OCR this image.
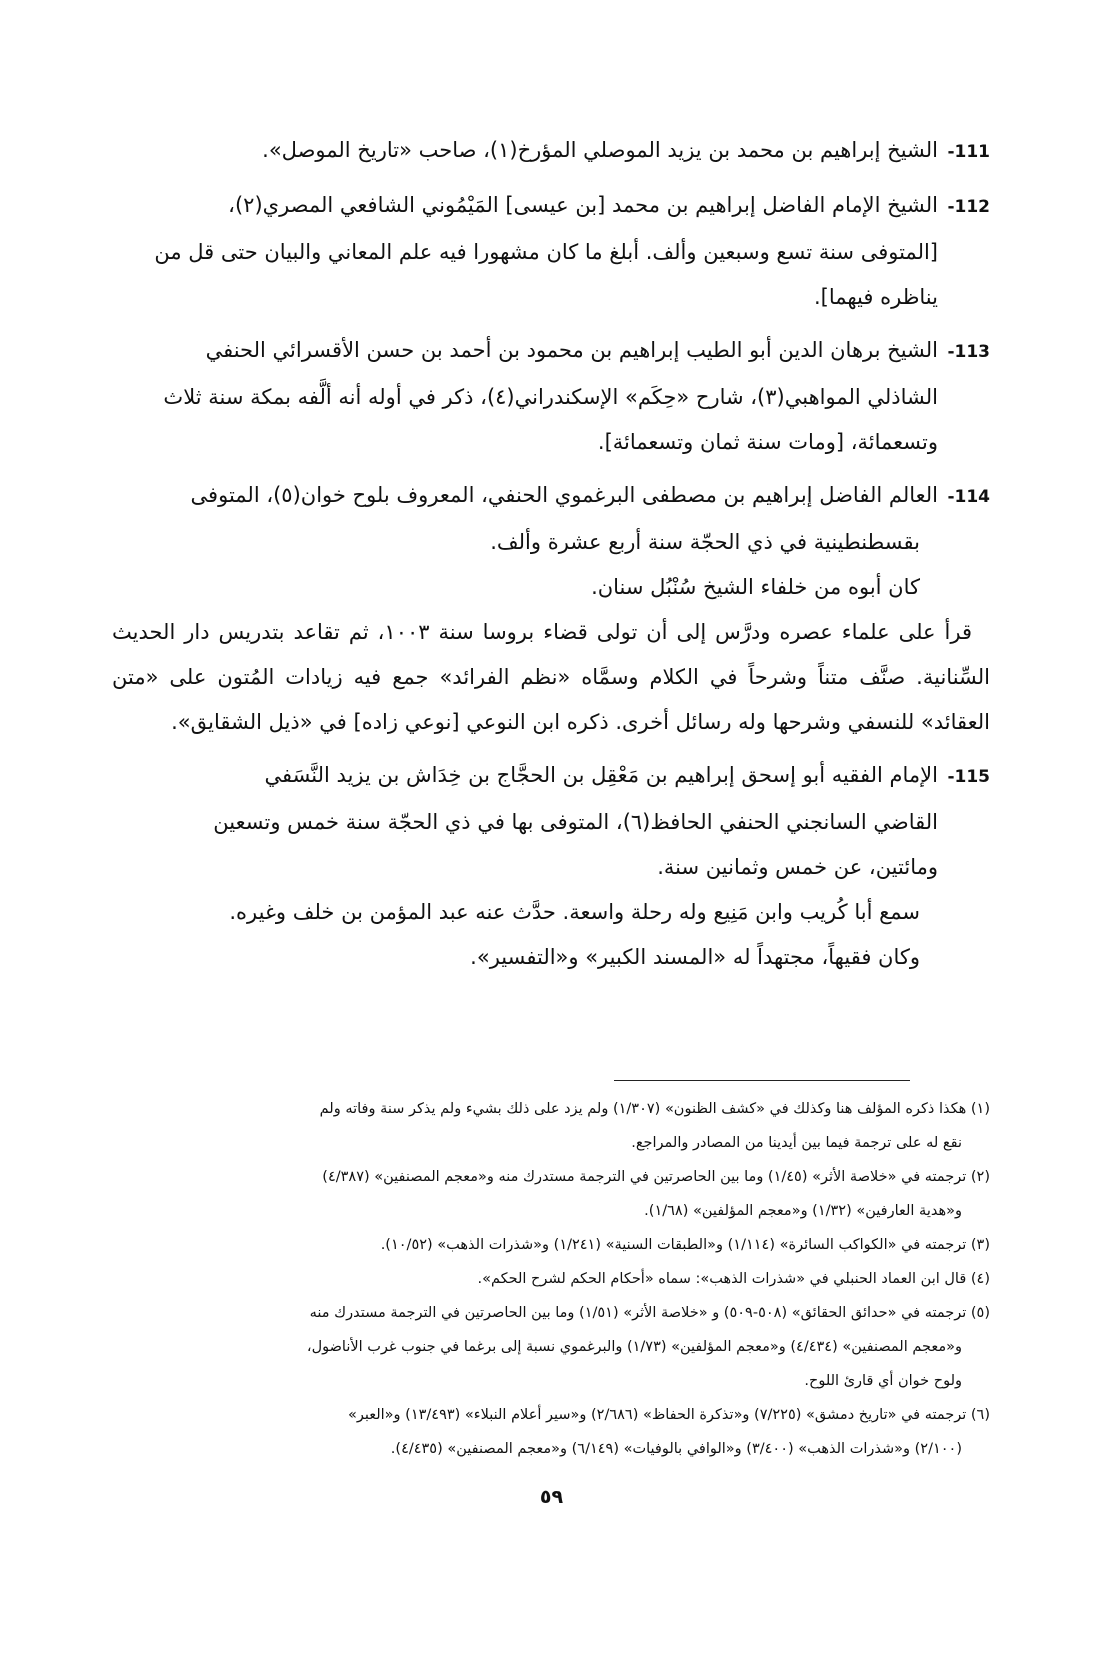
-111الشيخ إبراهيم بن محمد بن يزيد الموصلي المؤرخ(١)، صاحب «تاريخ الموصل».

-112الشيخ الإمام الفاضل إبراهيم بن محمد [بن عيسى] المَيْمُوني الشافعي المصري(٢)،

[المتوفى سنة تسع وسبعين وألف. أبلغ ما كان مشهورا فيه علم المعاني والبيان حتى قل من

يناظره فيهما].

-113الشيخ برهان الدين أبو الطيب إبراهيم بن محمود بن أحمد بن حسن الأقسرائي الحنفي

الشاذلي المواهبي(٣)، شارح «حِكَم» الإسكندراني(٤)، ذكر في أوله أنه ألَّفه بمكة سنة ثلاث

وتسعمائة، [ومات سنة ثمان وتسعمائة].

-114العالم الفاضل إبراهيم بن مصطفى البرغموي الحنفي، المعروف بلوح خوان(٥)، المتوفى

بقسطنطينية في ذي الحجّة سنة أربع عشرة وألف.

كان أبوه من خلفاء الشيخ سُنْبُل سنان.

قرأ على علماء عصره ودرَّس إلى أن تولى قضاء بروسا سنة ١٠٠٣، ثم تقاعد بتدريس دار الحديث السِّنانية. صنَّف متناً وشرحاً في الكلام وسمَّاه «نظم الفرائد» جمع فيه زيادات المُتون على «متن العقائد» للنسفي وشرحها وله رسائل أخرى. ذكره ابن النوعي [نوعي زاده] في «ذيل الشقايق».

-115الإمام الفقيه أبو إسحق إبراهيم بن مَعْقِل بن الحجَّاج بن خِدَاش بن يزيد النَّسَفي

القاضي السانجني الحنفي الحافظ(٦)، المتوفى بها في ذي الحجّة سنة خمس وتسعين

ومائتين، عن خمس وثمانين سنة.

سمع أبا كُريب وابن مَنِيع وله رحلة واسعة. حدَّث عنه عبد المؤمن بن خلف وغيره.

وكان فقيهاً، مجتهداً له «المسند الكبير» و«التفسير».

(١) هكذا ذكره المؤلف هنا وكذلك في «كشف الظنون» (١/٣٠٧) ولم يزد على ذلك بشيء ولم يذكر سنة وفاته ولم

نقع له على ترجمة فيما بين أيدينا من المصادر والمراجع.

(٢) ترجمته في «خلاصة الأثر» (١/٤٥) وما بين الحاصرتين في الترجمة مستدرك منه و«معجم المصنفين» (٤/٣٨٧)

و«هدية العارفين» (١/٣٢) و«معجم المؤلفين» (١/٦٨).

(٣) ترجمته في «الكواكب السائرة» (١/١١٤) و«الطبقات السنية» (١/٢٤١) و«شذرات الذهب» (١٠/٥٢).

(٤) قال ابن العماد الحنبلي في «شذرات الذهب»: سماه «أحكام الحكم لشرح الحكم».

(٥) ترجمته في «حدائق الحقائق» (٥٠٨-٥٠٩) و «خلاصة الأثر» (١/٥١) وما بين الحاصرتين في الترجمة مستدرك منه

و«معجم المصنفين» (٤/٤٣٤) و«معجم المؤلفين» (١/٧٣) والبرغموي نسبة إلى برغما في جنوب غرب الأناضول،

ولوح خوان أي قارئ اللوح.

(٦) ترجمته في «تاريخ دمشق» (٧/٢٢٥) و«تذكرة الحفاظ» (٢/٦٨٦) و«سير أعلام النبلاء» (١٣/٤٩٣) و«العبر»

(٢/١٠٠) و«شذرات الذهب» (٣/٤٠٠) و«الوافي بالوفيات» (٦/١٤٩) و«معجم المصنفين» (٤/٤٣٥).

٥٩
